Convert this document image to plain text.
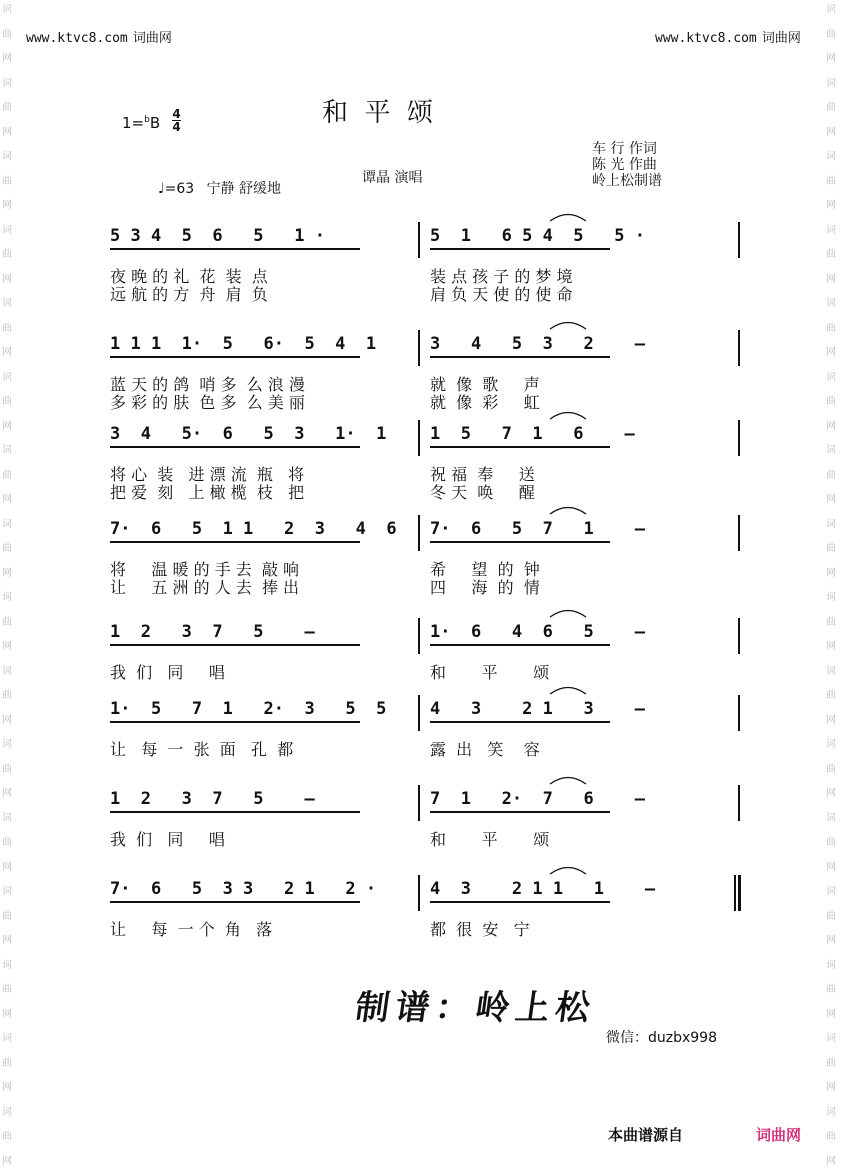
词
曲
网
词
曲
网
词
曲
网
词
曲
网
词
曲
网
词
曲
网
词
曲
网
词
曲
网
词
曲
网
词
曲
网
词
曲
网
词
曲
网
词
曲
网
词
曲
网
词
曲
网
词
曲
网
词
曲
网
词
曲
网
词
曲
网
词
曲
网
词
曲
网
词
曲
网
词
曲
网
词
曲
网
词
曲
网
词
曲
网
词
曲
网
词
曲
网
词
曲
网
词
曲
网
词
曲
网
词
曲
网
www.ktvc8.com 词曲网	www.ktvc8.com 词曲网
和  平  颂
1=$^b$B 4
4
♩=63 宁静 舒缓地
谭晶 演唱
车 行 作词
陈 光 作曲
岭上松制谱
5 3 4  5  6   5   1 ·	5  1   6 5 4  5   5 ·
夜 晚 的 礼  花  装  点	装 点 孩 子 的 梦 境
远 航 的 方  舟  肩  负	肩 负 天 使 的 使 命
1 1 1  1·  5   6·  5  4  1	3   4   5  3   2    –
蓝 天 的 鸽  哨 多  么 浪 漫	就  像  歌     声
多 彩 的 肤  色 多  么 美 丽	就  像  彩     虹
3  4   5·  6   5  3   1·  1	1  5   7  1   6    –
将 心  装   进 漂 流  瓶   将	祝 福  奉     送
把 爱  刻   上 橄 榄  枝   把	冬 天  唤     醒
7·  6   5  1 1   2  3   4  6 7·  6   5  7   1    –
将     温 暖 的 手 去  敲 响	希     望  的  钟
让     五 洲 的 人 去  捧 出	四     海  的  情
1  2   3  7   5    –	1·  6   4  6   5    –
我  们   同     唱	和       平       颂
1·  5   7  1   2·  3   5  5	4   3    2 1   3    –
让   每  一  张  面   孔  都	露  出   笑    容
1  2   3  7   5    –	7  1   2·  7   6    –
我  们   同     唱	和       平       颂
7·  6   5  3 3   2 1   2 ·	4  3    2 1 1   1    –
让     每  一 个  角   落	都  很  安   宁
制谱：岭上松
微信：duzbx998
本曲谱源自	词曲网
